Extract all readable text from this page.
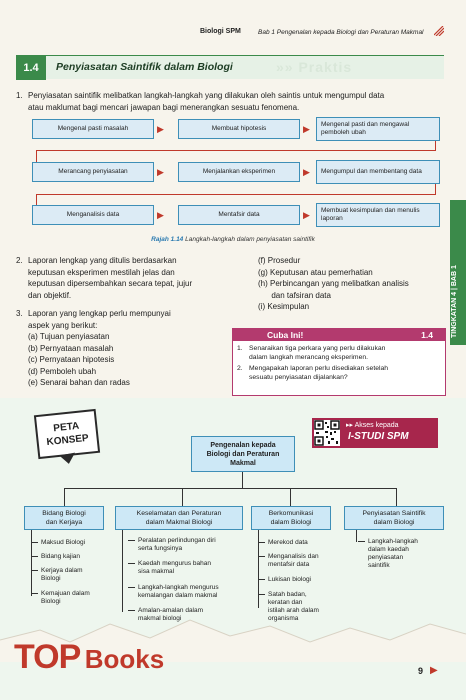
Biologi SPM	Bab 1 Pengenalan kepada Biologi dan Peraturan Makmal
1.4	Penyiasatan Saintifik dalam Biologi	»» Praktis
1. Penyiasatan saintifik melibatkan langkah-langkah yang dilakukan oleh saintis untuk mengumpul data
atau maklumat bagi mencari jawapan bagi menerangkan sesuatu fenomena.
Mengenal pasti masalah	▶	Membuat hipotesis	▶	Mengenal pasti dan mengawal pemboleh ubah
Merancang penyiasatan	▶	Menjalankan eksperimen	▶	Mengumpul dan membentang data
Menganalisis data	▶	Mentafsir data	▶	Membuat kesimpulan dan menulis laporan
Rajah 1.14 Langkah-langkah dalam penyiasatan saintifik
2. Laporan lengkap yang ditulis berdasarkan
keputusan eksperimen mestilah jelas dan
keputusan dipersembahkan secara tepat, jujur
dan objektif.
3. Laporan yang lengkap perlu mempunyai
aspek yang berikut:
(a) Tujuan penyiasatan
(b) Pernyataan masalah
(c) Pernyataan hipotesis
(d) Pemboleh ubah
(e) Senarai bahan dan radas
(f) Prosedur
(g) Keputusan atau pemerhatian
(h) Perbincangan yang melibatkan analisis
dan tafsiran data
(i) Kesimpulan	TINGKATAN 4 | BAB 1
Cuba Ini!	1.4
1. Senaraikan tiga perkara yang perlu dilakukan
dalam langkah merancang eksperimen.
2. Mengapakah laporan perlu disediakan setelah
sesuatu penyiasatan dijalankan?
PETA
KONSEP
▸▸ Akses kepada
I-STUDI SPM
Pengenalan kepada
Biologi dan Peraturan
Makmal
Bidang Biologi
dan Kerjaya
Maksud Biologi
Bidang kajian
Kerjaya dalam
Biologi
Kemajuan dalam
Biologi
Keselamatan dan Peraturan
dalam Makmal Biologi
Peralatan perlindungan diri
serta fungsinya
Kaedah mengurus bahan
sisa makmal
Langkah-langkah mengurus
kemalangan dalam makmal
Amalan-amalan dalam
makmal biologi
Berkomunikasi
dalam Biologi
Merekod data
Menganalisis dan
mentafsir data
Lukisan biologi
Satah badan,
keratan dan
istilah arah dalam
organisma
Penyiasatan Saintifik
dalam Biologi
Langkah-langkah
dalam kaedah
penyiasatan
saintifik
TOP Books	9 ▶
